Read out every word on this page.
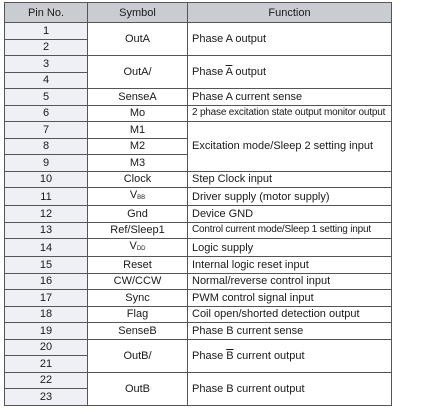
Pin No.	Symbol	Function
1	OutA	Phase A output
2		
3	OutA/	Phase $\overline{A}$ output
4		
5	SenseA	Phase A current sense
6	Mo	2 phase excitation state output monitor output
7	M1	Excitation mode/Sleep 2 setting input
8	M2	
9	M3	
10	Clock	Step Clock input
11	$V_{BB}$	Driver supply (motor supply)
12	Gnd	Device GND
13	Ref/Sleep1	Control current mode/Sleep 1 setting input
14	$V_{DD}$	Logic supply
15	Reset	Internal logic reset input
16	CW/CCW	Normal/reverse control input
17	Sync	PWM control signal input
18	Flag	Coil open/shorted detection output
19	SenseB	Phase B current sense
20	OutB/	Phase $\overline{B}$ current output
21		
22	OutB	Phase B current output
23		
